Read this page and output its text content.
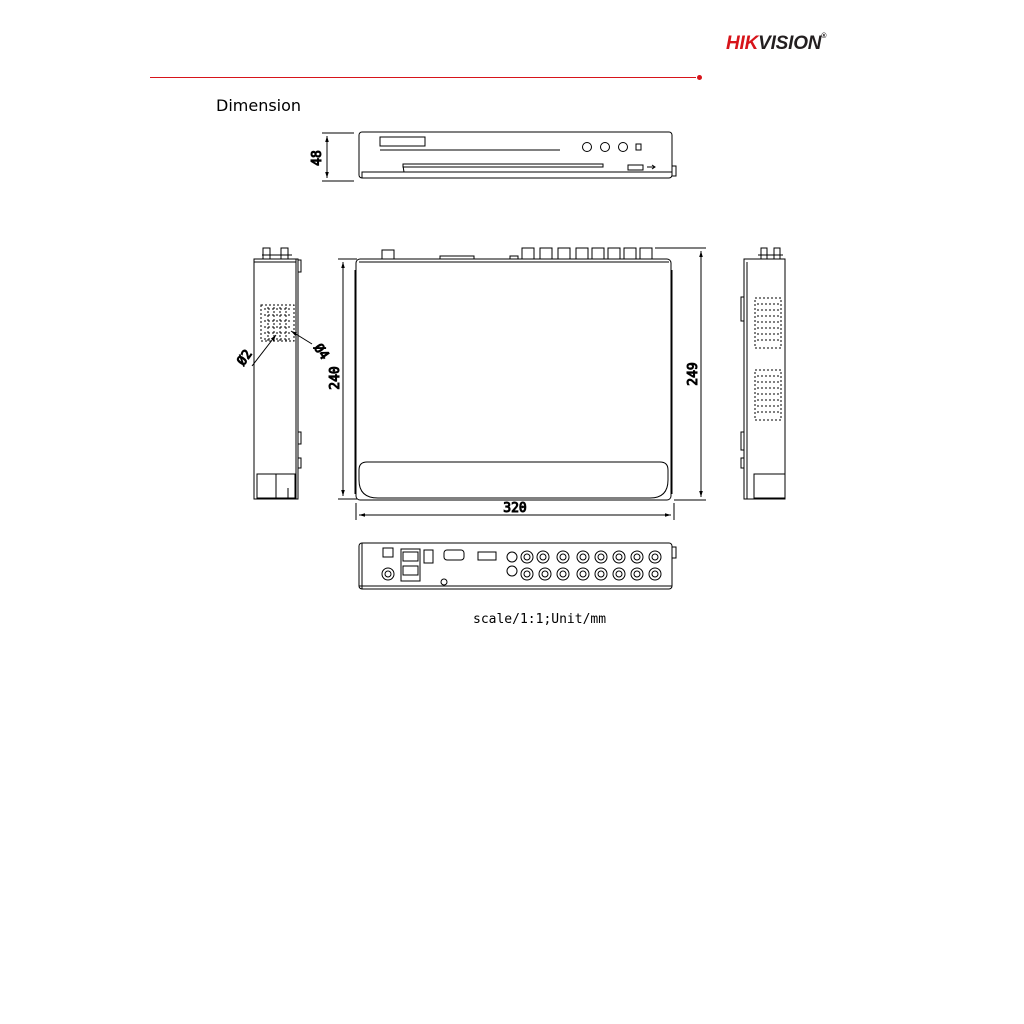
HIKVISION®
Dimension
48
Ø2	Ø4
240	249
320
scale/1:1;Unit/mm
